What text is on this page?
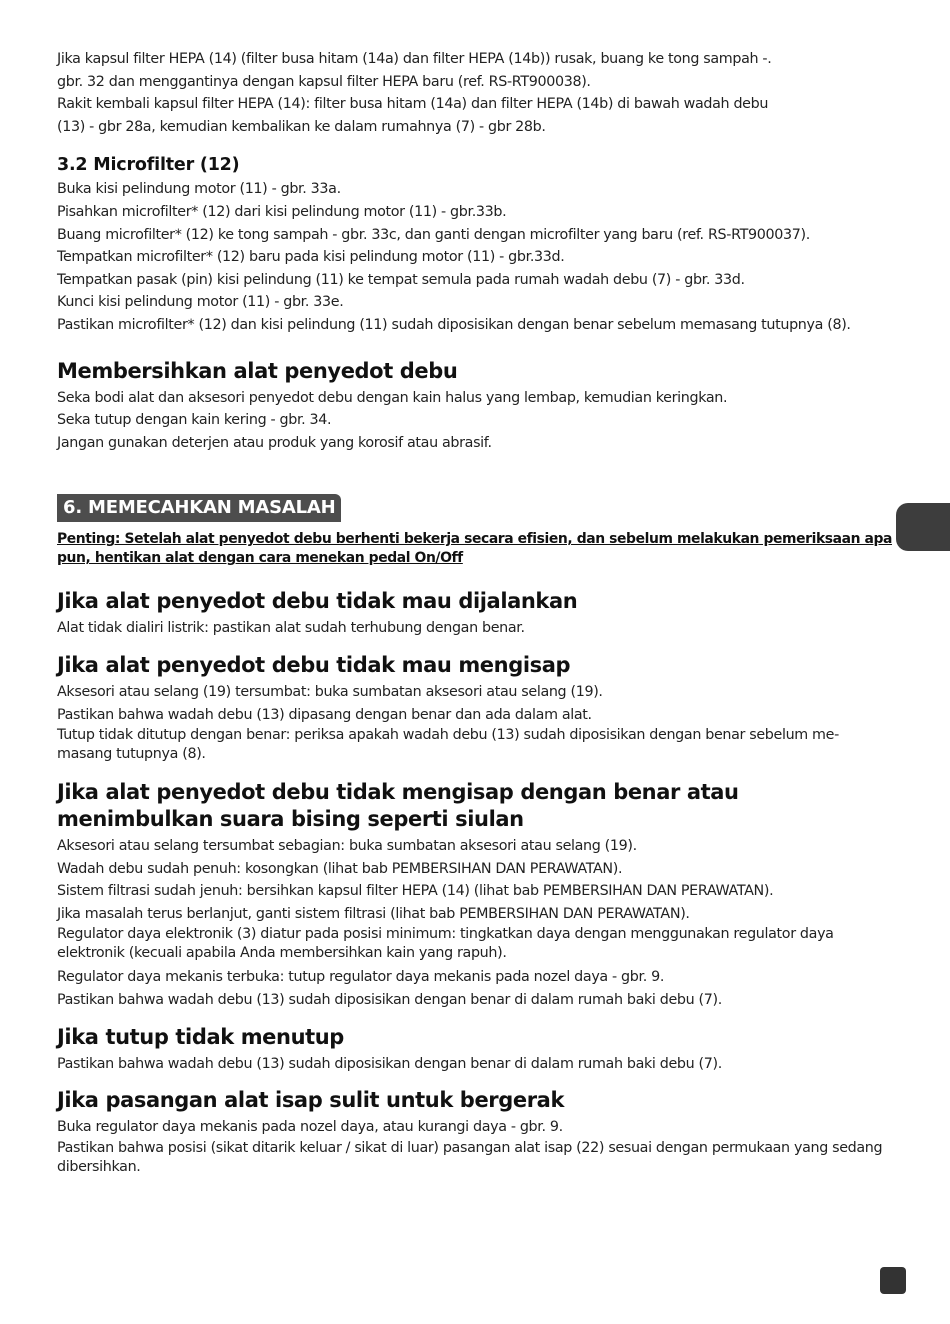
Jika kapsul filter HEPA (14) (filter busa hitam (14a) dan filter HEPA (14b)) rusak, buang ke tong sampah -.

gbr. 32 dan menggantinya dengan kapsul filter HEPA baru (ref. RS-RT900038).

Rakit kembali kapsul filter HEPA (14): filter busa hitam (14a) dan filter HEPA (14b) di bawah wadah debu

(13) - gbr 28a, kemudian kembalikan ke dalam rumahnya (7) - gbr 28b.

3.2 Microfilter (12)

Buka kisi pelindung motor (11) - gbr. 33a.

Pisahkan microfilter* (12) dari kisi pelindung motor (11) - gbr.33b.

Buang microfilter* (12) ke tong sampah - gbr. 33c, dan ganti dengan microfilter yang baru (ref. RS-RT900037).

Tempatkan microfilter* (12) baru pada kisi pelindung motor (11) - gbr.33d.

Tempatkan pasak (pin) kisi pelindung (11) ke tempat semula pada rumah wadah debu (7) - gbr. 33d.

Kunci kisi pelindung motor (11) - gbr. 33e.

Pastikan microfilter* (12) dan kisi pelindung (11) sudah diposisikan dengan benar sebelum memasang tutupnya (8).

Membersihkan alat penyedot debu

Seka bodi alat dan aksesori penyedot debu dengan kain halus yang lembap, kemudian keringkan.

Seka tutup dengan kain kering - gbr. 34.

Jangan gunakan deterjen atau produk yang korosif atau abrasif.

6. MEMECAHKAN MASALAH

Penting: Setelah alat penyedot debu berhenti bekerja secara efisien, dan sebelum melakukan pemeriksaan apa pun, hentikan alat dengan cara menekan pedal On/Off

Jika alat penyedot debu tidak mau dijalankan

Alat tidak dialiri listrik: pastikan alat sudah terhubung dengan benar.

Jika alat penyedot debu tidak mau mengisap

Aksesori atau selang (19) tersumbat: buka sumbatan aksesori atau selang (19).

Pastikan bahwa wadah debu (13) dipasang dengan benar dan ada dalam alat.

Tutup tidak ditutup dengan benar: periksa apakah wadah debu (13) sudah diposisikan dengan benar sebelum me-masang tutupnya (8).

Jika alat penyedot debu tidak mengisap dengan benar atau menimbulkan suara bising seperti siulan

Aksesori atau selang tersumbat sebagian: buka sumbatan aksesori atau selang (19).

Wadah debu sudah penuh: kosongkan (lihat bab PEMBERSIHAN DAN PERAWATAN).

Sistem filtrasi sudah jenuh: bersihkan kapsul filter HEPA (14) (lihat bab PEMBERSIHAN DAN PERAWATAN).

Jika masalah terus berlanjut, ganti sistem filtrasi (lihat bab PEMBERSIHAN DAN PERAWATAN).

Regulator daya elektronik (3) diatur pada posisi minimum: tingkatkan daya dengan menggunakan regulator daya elektronik (kecuali apabila Anda membersihkan kain yang rapuh).

Regulator daya mekanis terbuka: tutup regulator daya mekanis pada nozel daya - gbr. 9.

Pastikan bahwa wadah debu (13) sudah diposisikan dengan benar di dalam rumah baki debu (7).

Jika tutup tidak menutup

Pastikan bahwa wadah debu (13) sudah diposisikan dengan benar di dalam rumah baki debu (7).

Jika pasangan alat isap sulit untuk bergerak

Buka regulator daya mekanis pada nozel daya, atau kurangi daya - gbr. 9.

Pastikan bahwa posisi (sikat ditarik keluar / sikat di luar) pasangan alat isap (22) sesuai dengan permukaan yang sedang dibersihkan.
